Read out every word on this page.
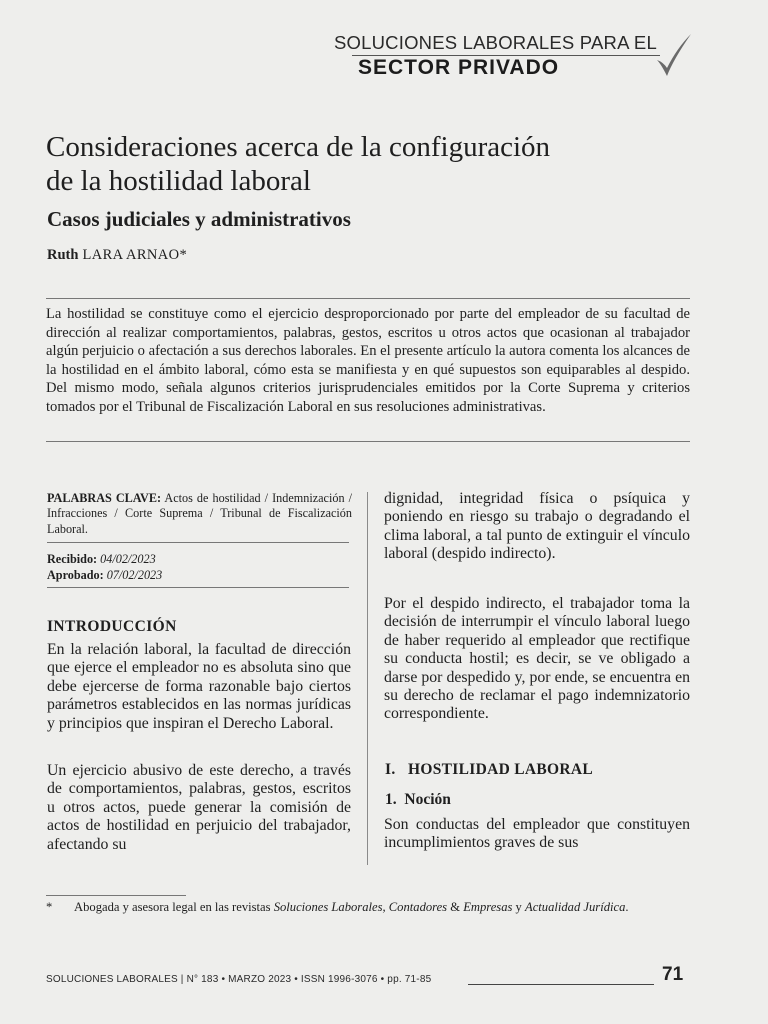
SOLUCIONES LABORALES PARA EL
SECTOR PRIVADO
Consideraciones acerca de la configuración
de la hostilidad laboral
Casos judiciales y administrativos
Ruth LARA ARNAO*
La hostilidad se constituye como el ejercicio desproporcionado por parte del empleador de su facultad de dirección al realizar comportamientos, palabras, gestos, escritos u otros actos que ocasionan al trabajador algún perjuicio o afectación a sus derechos laborales. En el presente artículo la autora comenta los alcances de la hostilidad en el ámbito laboral, cómo esta se manifiesta y en qué supuestos son equiparables al despido. Del mismo modo, señala algunos criterios jurisprudenciales emitidos por la Corte Suprema y criterios tomados por el Tribunal de Fiscalización Laboral en sus resoluciones administrativas.
PALABRAS CLAVE: Actos de hostilidad / Indemnización / Infracciones / Corte Suprema / Tribunal de Fiscalización Laboral.
Recibido: 04/02/2023
Aprobado: 07/02/2023
INTRODUCCIÓN
En la relación laboral, la facultad de dirección que ejerce el empleador no es absoluta sino que debe ejercerse de forma razonable bajo ciertos parámetros establecidos en las normas jurídicas y principios que inspiran el Derecho Laboral.
Un ejercicio abusivo de este derecho, a través de comportamientos, palabras, gestos, escritos u otros actos, puede generar la comisión de actos de hostilidad en perjuicio del trabajador, afectando su
dignidad, integridad física o psíquica y poniendo en riesgo su trabajo o degradando el clima laboral, a tal punto de extinguir el vínculo laboral (despido indirecto).
Por el despido indirecto, el trabajador toma la decisión de interrumpir el vínculo laboral luego de haber requerido al empleador que rectifique su conducta hostil; es decir, se ve obligado a darse por despedido y, por ende, se encuentra en su derecho de reclamar el pago indemnizatorio correspondiente.
I.   HOSTILIDAD LABORAL
1.  Noción
Son conductas del empleador que constituyen incumplimientos graves de sus
* Abogada y asesora legal en las revistas Soluciones Laborales, Contadores & Empresas y Actualidad Jurídica.
SOLUCIONES LABORALES | N° 183 • MARZO 2023 • ISSN 1996-3076 • pp. 71-85	71
